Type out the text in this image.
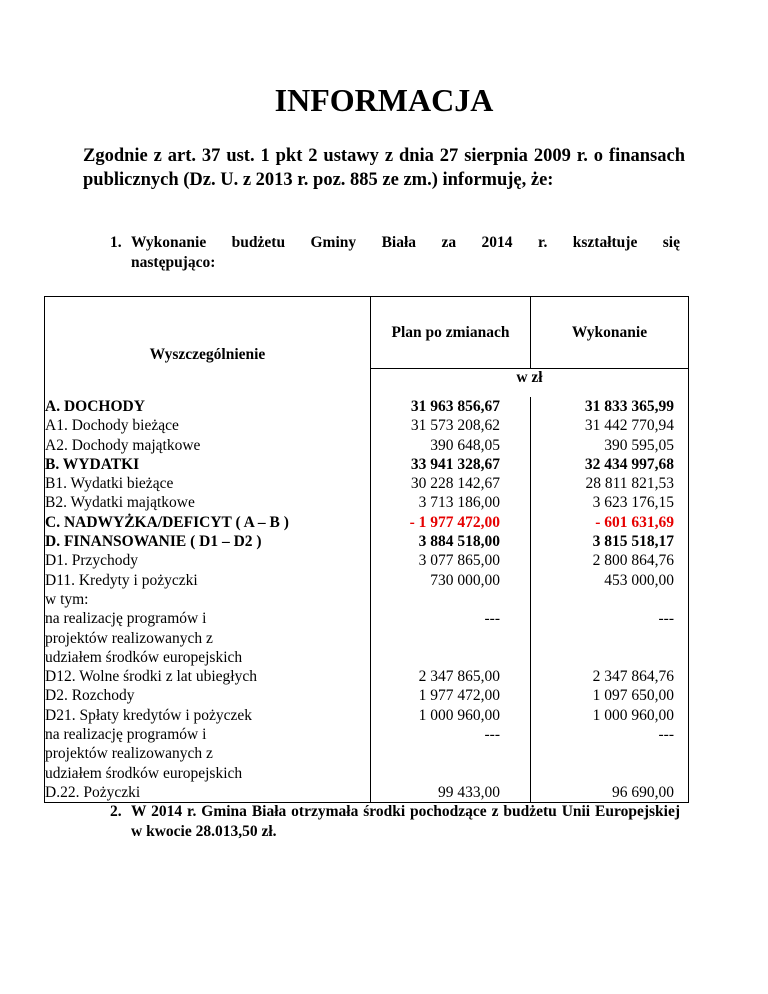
INFORMACJA
Zgodnie z art. 37 ust. 1 pkt 2 ustawy z dnia 27 sierpnia 2009 r. o finansach publicznych (Dz. U. z 2013 r. poz. 885 ze zm.) informuję, że:
1. Wykonanie budżetu Gminy Biała za 2014 r. kształtuje się
następująco:
Wyszczególnienie	Plan po zmianach	Wykonanie
	w zł	
A. DOCHODY	31 963 856,67	31 833 365,99
A1. Dochody bieżące	31 573 208,62	31 442 770,94
A2. Dochody majątkowe	390 648,05	390 595,05
B. WYDATKI	33 941 328,67	32 434 997,68
B1. Wydatki bieżące	30 228 142,67	28 811 821,53
B2. Wydatki majątkowe	3 713 186,00	3 623 176,15
C. NADWYŻKA/DEFICYT ( A – B )	- 1 977 472,00	- 601 631,69
D. FINANSOWANIE ( D1 – D2 )	3 884 518,00	3 815 518,17
D1. Przychody	3 077 865,00	2 800 864,76
D11. Kredyty i pożyczki	730 000,00	453 000,00
w tym:		
na realizację programów i	---	---
projektów realizowanych z		
udziałem środków europejskich		
D12. Wolne środki z lat ubiegłych	2 347 865,00	2 347 864,76
D2. Rozchody	1 977 472,00	1 097 650,00
D21. Spłaty kredytów i pożyczek	1 000 960,00	1 000 960,00
na realizację programów i	---	---
projektów realizowanych z		
udziałem środków europejskich		
D.22. Pożyczki	99 433,00	96 690,00
2. W 2014 r. Gmina Biała otrzymała środki pochodzące z budżetu Unii Europejskiej w kwocie 28.013,50 zł.
